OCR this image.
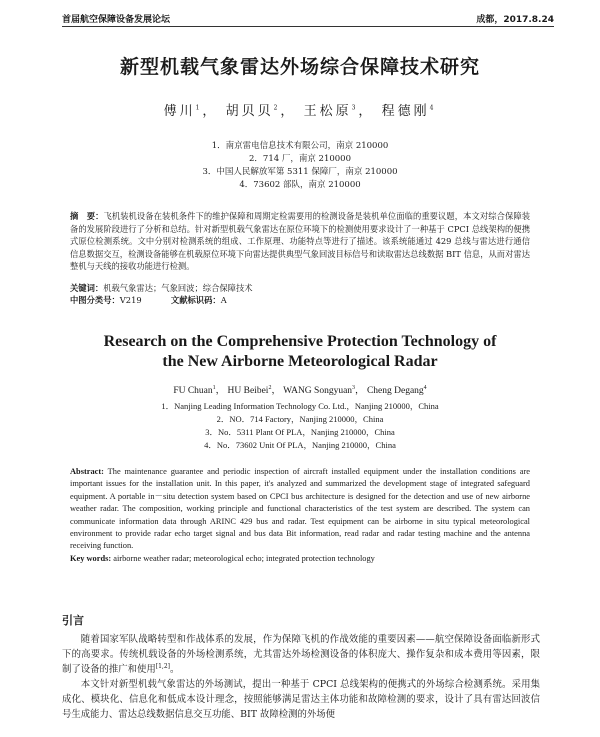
首届航空保障设备发展论坛	成都，2017.8.24
新型机载气象雷达外场综合保障技术研究
傅川$^1$， 胡贝贝$^2$， 王松原$^3$， 程德刚$^4$
1．南京雷电信息技术有限公司，南京 210000
2．714 厂，南京 210000
3．中国人民解放军第 5311 保障厂，南京 210000
4．73602 部队，南京 210000
摘　要：飞机装机设备在装机条件下的维护保障和周期定检需要用的检测设备是装机单位面临的重要议题，本文对综合保障装备的发展阶段进行了分析和总结。针对新型机载气象雷达在原位环境下的检测使用要求设计了一种基于 CPCI 总线架构的便携式原位检测系统。文中分别对检测系统的组成、工作原理、功能特点等进行了描述。该系统能通过 429 总线与雷达进行通信信息数据交互，检测设备能够在机载原位环境下向雷达提供典型气象回波目标信号和读取雷达总线数据 BIT 信息，从而对雷达整机与天线的接收功能进行检测。
关键词：机载气象雷达；气象回波；综合保障技术
中图分类号：V219	文献标识码：A
Research on the Comprehensive Protection Technology of
the New Airborne Meteorological Radar
FU Chuan$^1$， HU Beibei$^2$， WANG Songyuan$^3$， Cheng Degang$^4$
1．Nanjing Leading Information Technology Co. Ltd.，Nanjing 210000，China
2．NO．714 Factory，Nanjing 210000，China
3．No．5311 Plant Of PLA，Nanjing 210000，China
4．No．73602 Unit Of PLA，Nanjing 210000，China
Abstract: The maintenance guarantee and periodic inspection of aircraft installed equipment under the installation conditions are important issues for the installation unit. In this paper, it's analyzed and summarized the development stage of integrated safeguard equipment. A portable in－situ detection system based on CPCI bus architecture is designed for the detection and use of new airborne weather radar. The composition, working principle and functional characteristics of the test system are described. The system can communicate information data through ARINC 429 bus and radar. Test equipment can be airborne in situ typical meteorological environment to provide radar echo target signal and bus data Bit information, read radar and radar testing machine and the antenna receiving function.
Key words: airborne weather radar; meteorological echo; integrated protection technology
引言

随着国家军队战略转型和作战体系的发展，作为保障飞机的作战效能的重要因素——航空保障设备面临新形式下的高要求。传统机载设备的外场检测系统，尤其雷达外场检测设备的体积庞大、操作复杂和成本费用等因素，限制了设备的推广和使用[1,2]。

本文针对新型机载气象雷达的外场测试，提出一种基于 CPCI 总线架构的便携式的外场综合检测系统。采用集成化、模块化、信息化和低成本设计理念，按照能够满足雷达主体功能和故障检测的要求，设计了具有雷达回波信号生成能力、雷达总线数据信息交互功能、BIT 故障检测的外场便
